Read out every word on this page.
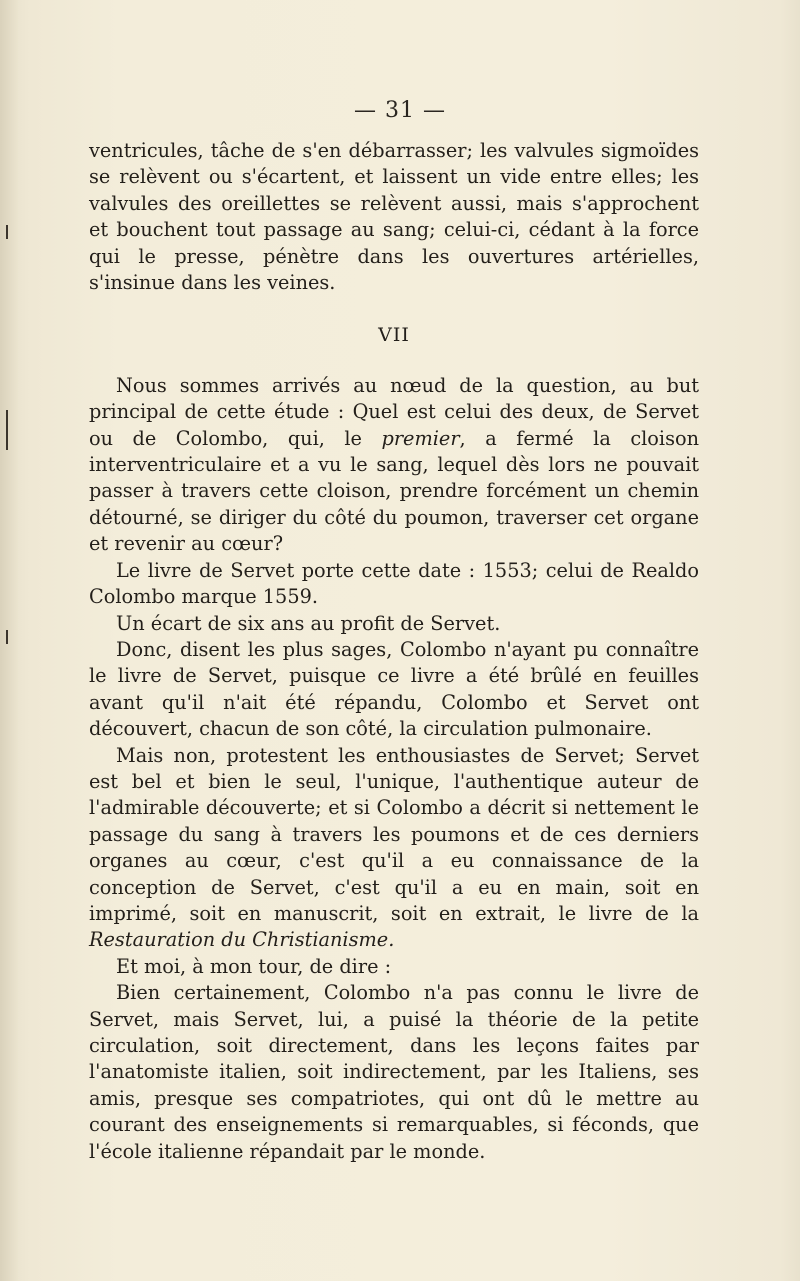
— 31 —

ventricules, tâche de s'en débarrasser; les valvules sigmoïdes se relèvent ou s'écartent, et laissent un vide entre elles; les valvules des oreillettes se relèvent aussi, mais s'approchent et bouchent tout passage au sang; celui-ci, cédant à la force qui le presse, pénètre dans les ouvertures artérielles, s'insinue dans les veines.

VII

Nous sommes arrivés au nœud de la question, au but principal de cette étude : Quel est celui des deux, de Servet ou de Colombo, qui, le premier, a fermé la cloison interventriculaire et a vu le sang, lequel dès lors ne pouvait passer à travers cette cloison, prendre forcément un chemin détourné, se diriger du côté du poumon, traverser cet organe et revenir au cœur?

Le livre de Servet porte cette date : 1553; celui de Realdo Colombo marque 1559.

Un écart de six ans au profit de Servet.

Donc, disent les plus sages, Colombo n'ayant pu connaître le livre de Servet, puisque ce livre a été brûlé en feuilles avant qu'il n'ait été répandu, Colombo et Servet ont découvert, chacun de son côté, la circulation pulmonaire.

Mais non, protestent les enthousiastes de Servet; Servet est bel et bien le seul, l'unique, l'authentique auteur de l'admirable découverte; et si Colombo a décrit si nettement le passage du sang à travers les poumons et de ces derniers organes au cœur, c'est qu'il a eu connaissance de la conception de Servet, c'est qu'il a eu en main, soit en imprimé, soit en manuscrit, soit en extrait, le livre de la Restauration du Christianisme.

Et moi, à mon tour, de dire :

Bien certainement, Colombo n'a pas connu le livre de Servet, mais Servet, lui, a puisé la théorie de la petite circulation, soit directement, dans les leçons faites par l'anatomiste italien, soit indirectement, par les Italiens, ses amis, presque ses compatriotes, qui ont dû le mettre au courant des enseignements si remarquables, si féconds, que l'école italienne répandait par le monde.
